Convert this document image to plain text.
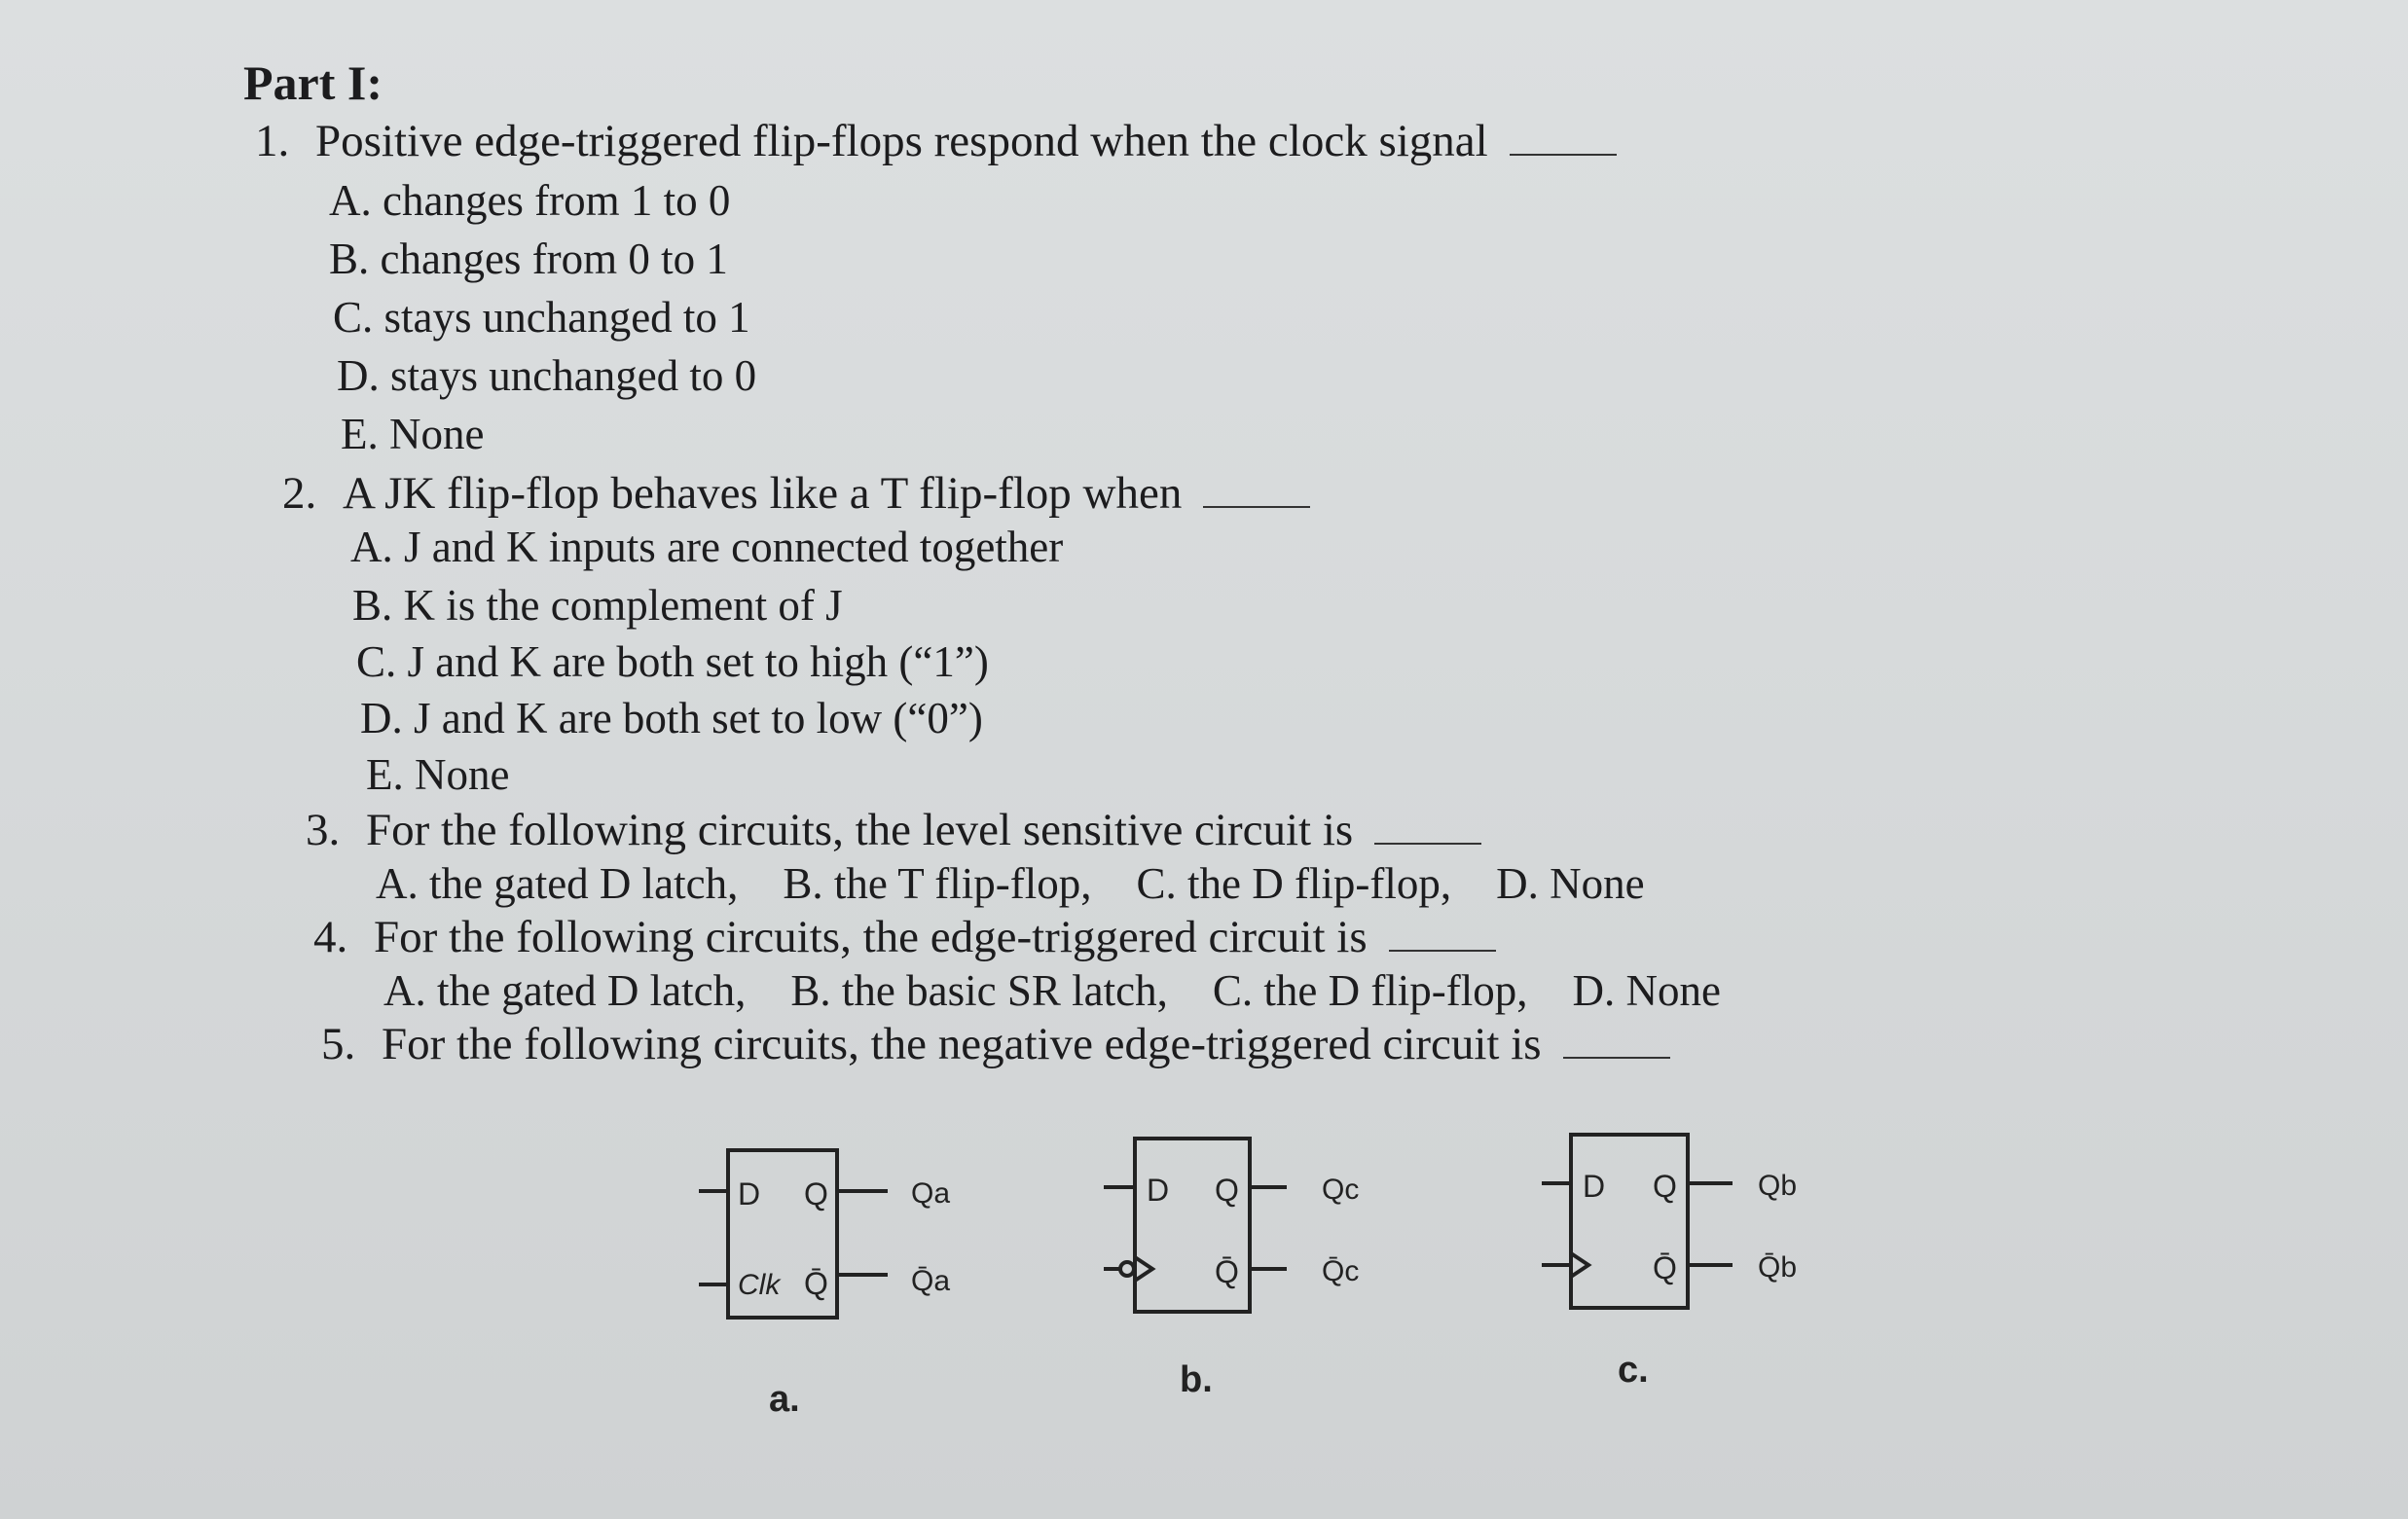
Part I:
1. Positive edge-triggered flip-flops respond when the clock signal
A. changes from 1 to 0
B. changes from 0 to 1
C. stays unchanged to 1
D. stays unchanged to 0
E. None
2. A JK flip-flop behaves like a T flip-flop when
A. J and K inputs are connected together
B. K is the complement of J
C. J and K are both set to high (“1”)
D. J and K are both set to low (“0”)
E. None
3. For the following circuits, the level sensitive circuit is
A. the gated D latch, B. the T flip-flop, C. the D flip-flop, D. None
4. For the following circuits, the edge-triggered circuit is
A. the gated D latch, B. the basic SR latch, C. the D flip-flop, D. None
5. For the following circuits, the negative edge-triggered circuit is
D Q
Clk Q̄
Qa
Q̄a
a.
D Q
Q̄
Qc
Q̄c
b.
D Q
Q̄
Qb
Q̄b
c.
